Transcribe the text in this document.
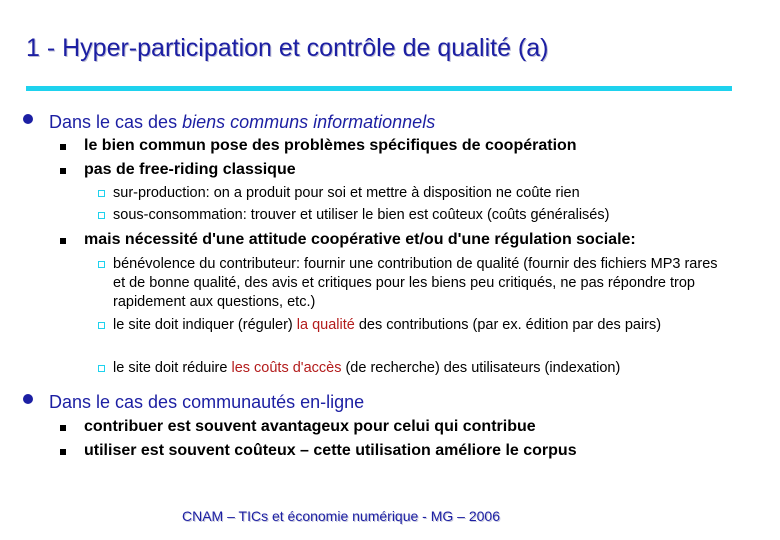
1 - Hyper-participation et contrôle de qualité (a)
Dans le cas des biens communs informationnels
le bien commun pose des problèmes spécifiques de coopération
pas de free-riding classique
sur-production: on a produit pour soi et mettre à disposition ne coûte rien
sous-consommation: trouver et utiliser le bien est coûteux (coûts généralisés)
mais nécessité d'une attitude coopérative et/ou d'une régulation sociale:
bénévolence du contributeur: fournir une contribution de qualité (fournir des fichiers MP3 rares et de bonne qualité, des avis et critiques pour les biens peu critiqués, ne pas répondre trop rapidement aux questions, etc.)
le site doit indiquer (réguler) la qualité des contributions (par ex. édition par des pairs)
le site doit réduire les coûts d'accès (de recherche) des utilisateurs (indexation)
Dans le cas des communautés en-ligne
contribuer est souvent avantageux pour celui qui contribue
utiliser est souvent coûteux – cette utilisation améliore le corpus
CNAM – TICs et économie numérique - MG – 2006
